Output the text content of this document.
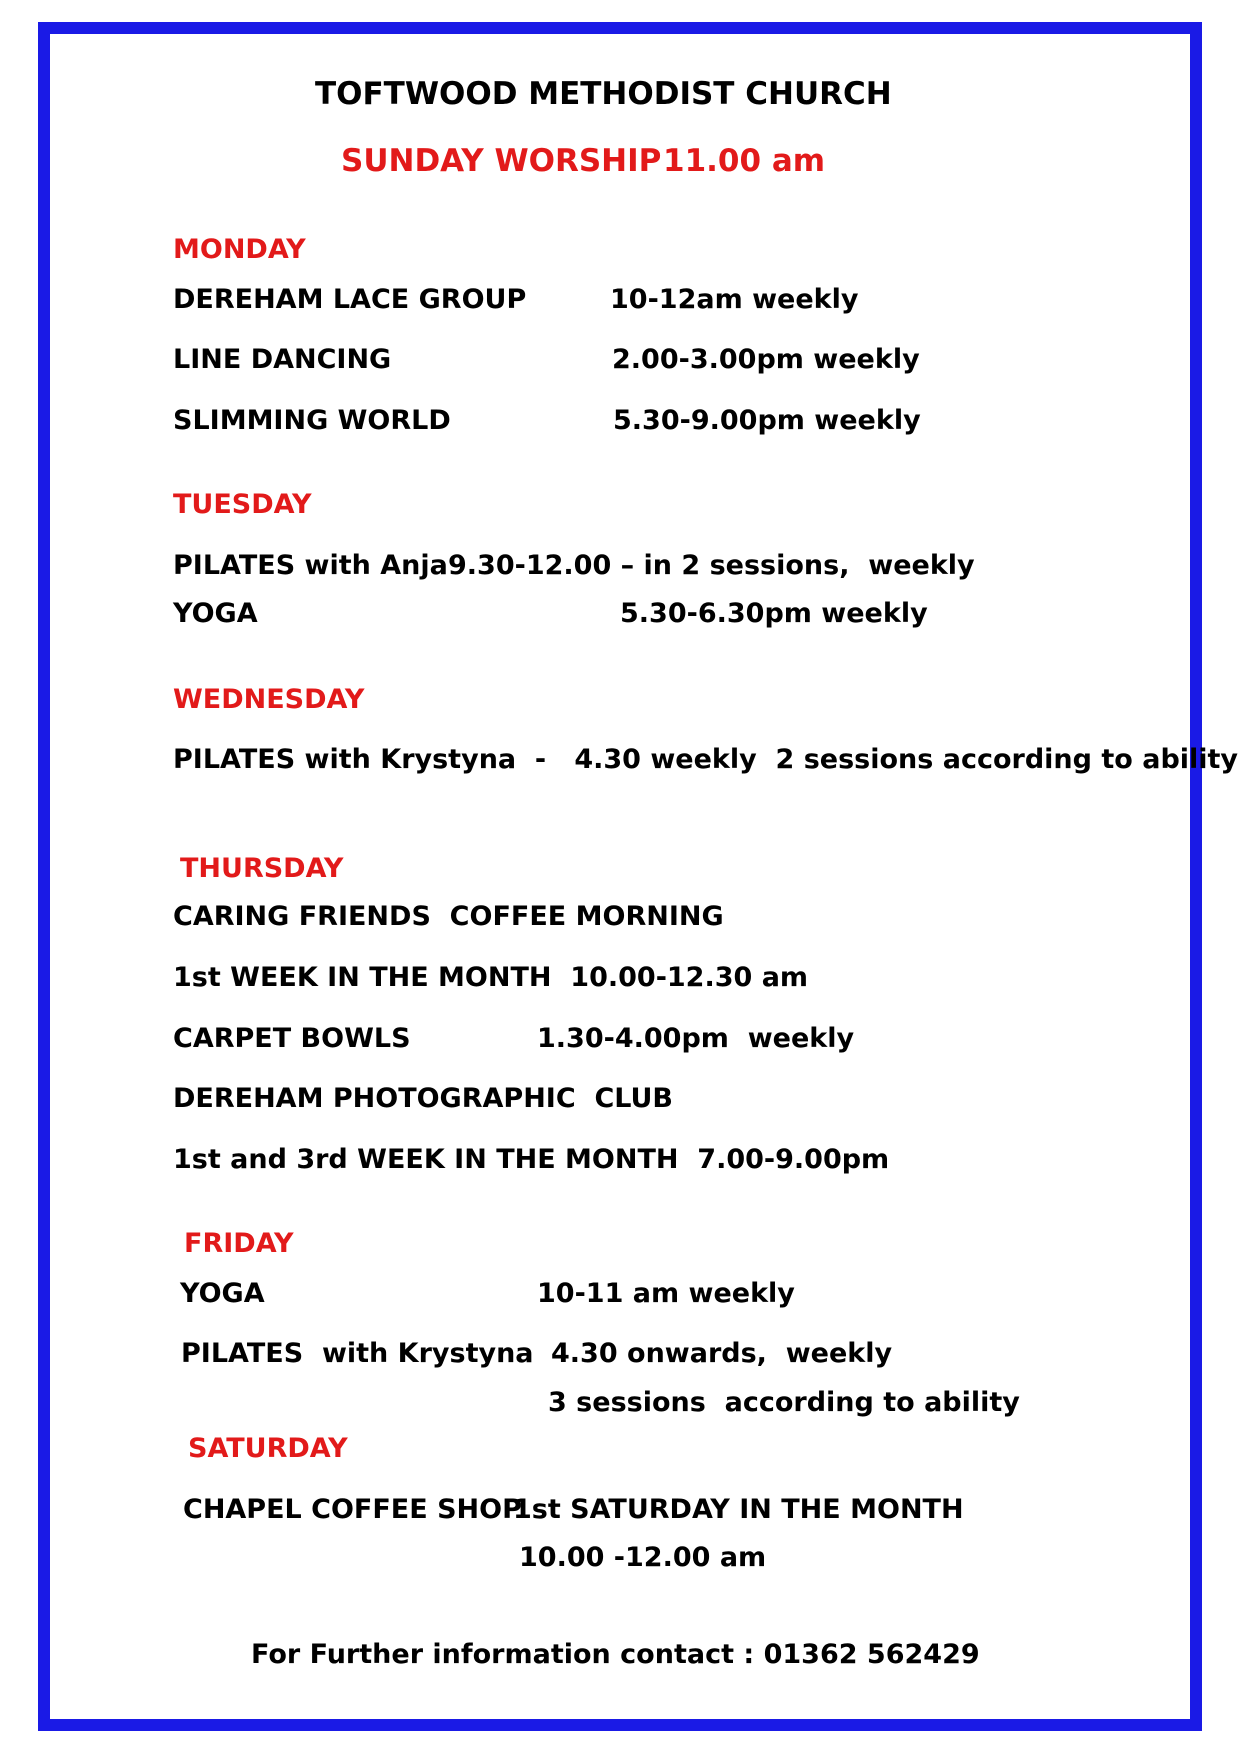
TOFTWOOD METHODIST CHURCH
SUNDAY WORSHIP 11.00 am
MONDAY
DEREHAM LACE GROUP	10-12am weekly
LINE DANCING	2.00-3.00pm weekly
SLIMMING WORLD	5.30-9.00pm weekly
TUESDAY
PILATES with Anja 9.30-12.00 – in 2 sessions,  weekly
YOGA	5.30-6.30pm weekly
WEDNESDAY
PILATES with Krystyna  -   4.30 weekly  2 sessions according to ability
THURSDAY
CARING FRIENDS  COFFEE MORNING
1st WEEK IN THE MONTH  10.00-12.30 am
CARPET BOWLS	1.30-4.00pm  weekly
DEREHAM PHOTOGRAPHIC  CLUB
1st and 3rd WEEK IN THE MONTH  7.00-9.00pm
FRIDAY
YOGA	10-11 am weekly
PILATES  with Krystyna 4.30 onwards,  weekly
3 sessions  according to ability
SATURDAY
CHAPEL COFFEE SHOP
1st SATURDAY IN THE MONTH
10.00 -12.00 am
For Further information contact : 01362 562429
